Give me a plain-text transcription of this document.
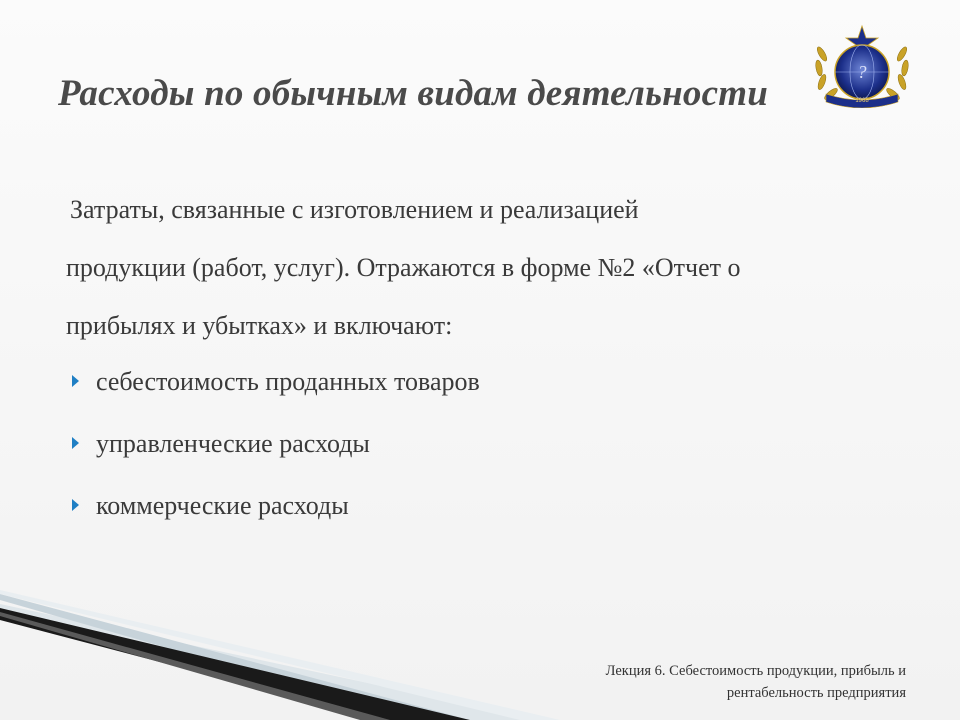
Расходы по обычным видам деятельности
?
1968
Затраты, связанные с изготовлением и реализацией
продукции (работ, услуг). Отражаются в форме №2 «Отчет о
прибылях и убытках» и включают:
себестоимость проданных товаров
управленческие расходы
коммерческие расходы
Лекция 6. Себестоимость продукции, прибыль и
рентабельность предприятия
